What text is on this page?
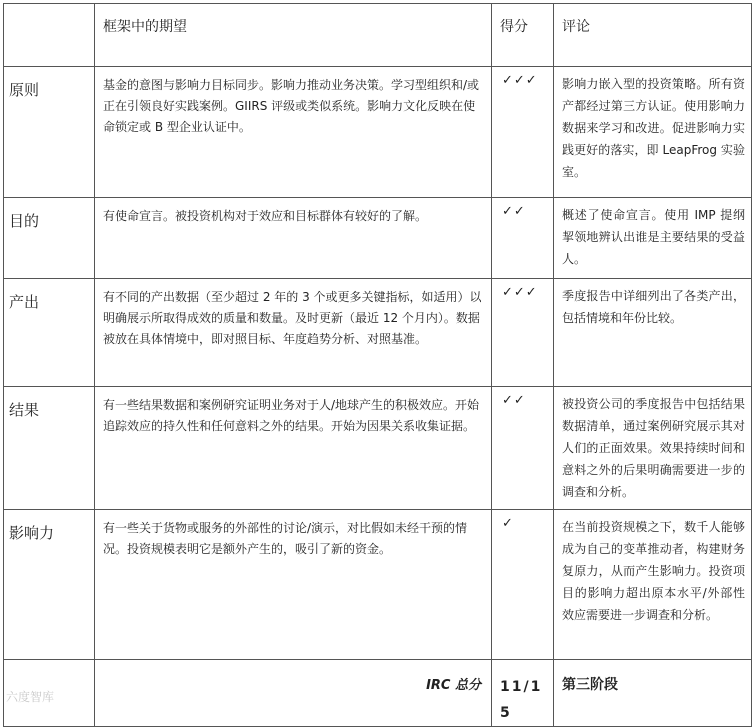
	框架中的期望	得分	评论
原则	基金的意图与影响力目标同步。影响力推动业务决策。学习型组织和/或正在引领良好实践案例。GIIRS 评级或类似系统。影响力文化反映在使命锁定或 B 型企业认证中。	✓✓✓	影响力嵌入型的投资策略。所有资产都经过第三方认证。使用影响力数据来学习和改进。促进影响力实践更好的落实，即 LeapFrog 实验室。
目的	有使命宣言。被投资机构对于效应和目标群体有较好的了解。	✓✓	概述了使命宣言。使用 IMP 提纲挈领地辨认出谁是主要结果的受益人。
产出	有不同的产出数据（至少超过 2 年的 3 个或更多关键指标，如适用）以明确展示所取得成效的质量和数量。及时更新（最近 12 个月内）。数据被放在具体情境中，即对照目标、年度趋势分析、对照基准。	✓✓✓	季度报告中详细列出了各类产出，包括情境和年份比较。
结果	有一些结果数据和案例研究证明业务对于人/地球产生的积极效应。开始追踪效应的持久性和任何意料之外的结果。开始为因果关系收集证据。	✓✓	被投资公司的季度报告中包括结果数据清单，通过案例研究展示其对人们的正面效果。效果持续时间和意料之外的后果明确需要进一步的调查和分析。
影响力	有一些关于货物或服务的外部性的讨论/演示，对比假如未经干预的情况。投资规模表明它是额外产生的，吸引了新的资金。	✓	在当前投资规模之下，数千人能够成为自己的变革推动者，构建财务复原力，从而产生影响力。投资项目的影响力超出原本水平/外部性效应需要进一步调查和分析。
	IRC 总分	11/15	第三阶段
六度智库
